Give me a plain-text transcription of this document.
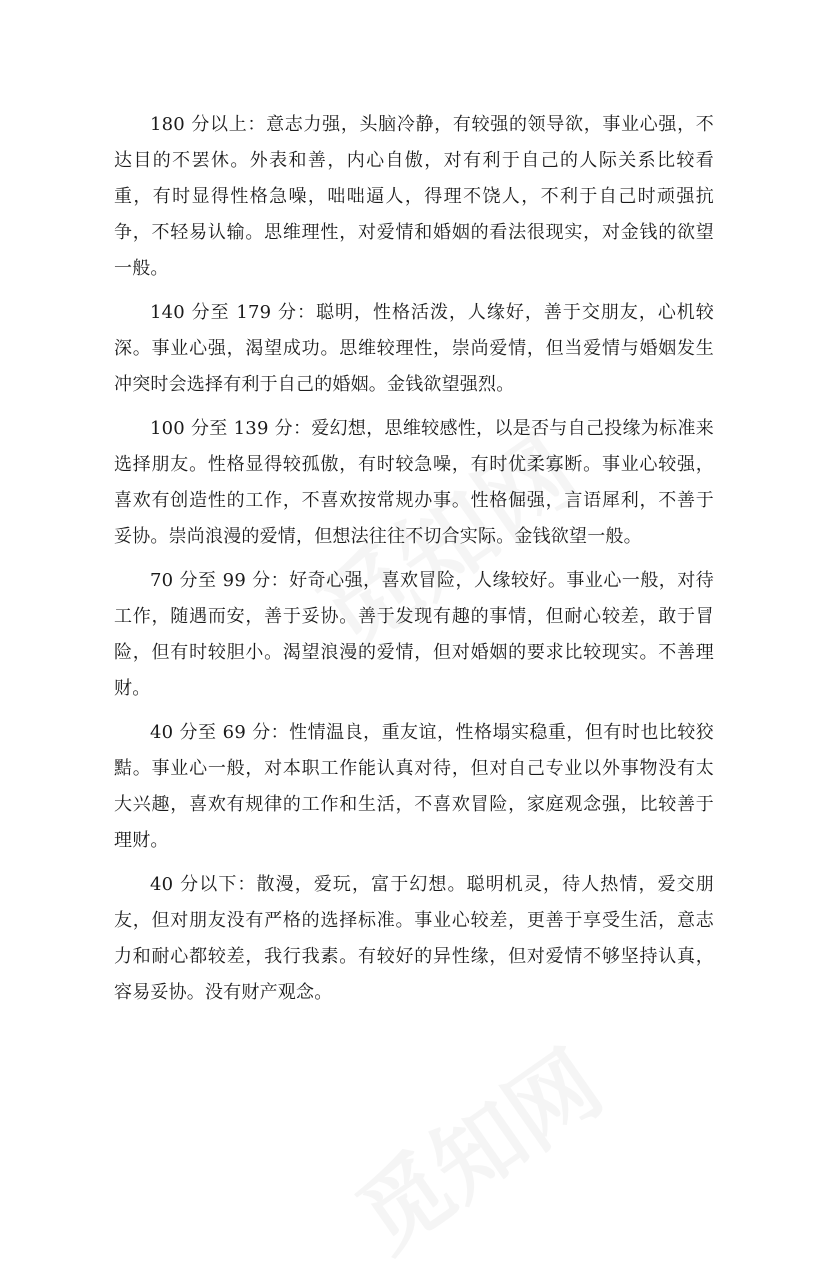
180 分以上：意志力强，头脑冷静，有较强的领导欲，事业心强，不达目的不罢休。外表和善，内心自傲，对有利于自己的人际关系比较看重，有时显得性格急噪，咄咄逼人，得理不饶人，不利于自己时顽强抗争，不轻易认输。思维理性，对爱情和婚姻的看法很现实，对金钱的欲望一般。

140 分至 179 分：聪明，性格活泼，人缘好，善于交朋友，心机较深。事业心强，渴望成功。思维较理性，崇尚爱情，但当爱情与婚姻发生冲突时会选择有利于自己的婚姻。金钱欲望强烈。

100 分至 139 分：爱幻想，思维较感性，以是否与自己投缘为标准来选择朋友。性格显得较孤傲，有时较急噪，有时优柔寡断。事业心较强，喜欢有创造性的工作，不喜欢按常规办事。性格倔强，言语犀利，不善于妥协。崇尚浪漫的爱情，但想法往往不切合实际。金钱欲望一般。

70 分至 99 分：好奇心强，喜欢冒险，人缘较好。事业心一般，对待工作，随遇而安，善于妥协。善于发现有趣的事情，但耐心较差，敢于冒险，但有时较胆小。渴望浪漫的爱情，但对婚姻的要求比较现实。不善理财。

40 分至 69 分：性情温良，重友谊，性格塌实稳重，但有时也比较狡黠。事业心一般，对本职工作能认真对待，但对自己专业以外事物没有太大兴趣，喜欢有规律的工作和生活，不喜欢冒险，家庭观念强，比较善于理财。

40 分以下：散漫，爱玩，富于幻想。聪明机灵，待人热情，爱交朋友，但对朋友没有严格的选择标准。事业心较差，更善于享受生活，意志力和耐心都较差，我行我素。有较好的异性缘，但对爱情不够坚持认真，容易妥协。没有财产观念。
